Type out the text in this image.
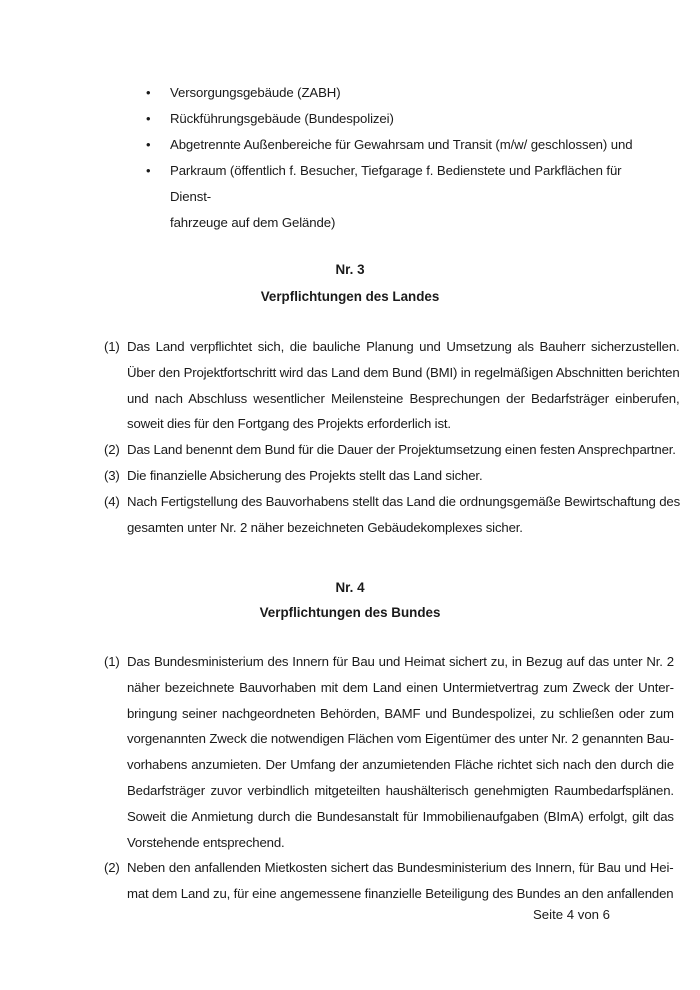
•	Versorgungsgebäude (ZABH)
•	Rückführungsgebäude (Bundespolizei)
•	Abgetrennte Außenbereiche für Gewahrsam und Transit (m/w/ geschlossen) und
•	Parkraum (öffentlich f. Besucher, Tiefgarage f. Bedienstete und Parkflächen für Dienst-
fahrzeuge auf dem Gelände)
Nr. 3
Verpflichtungen des Landes
(1) Das Land verpflichtet sich, die bauliche Planung und Umsetzung als Bauherr sicherzustellen.
Über den Projektfortschritt wird das Land dem Bund (BMI) in regelmäßigen Abschnitten berichten
und nach Abschluss wesentlicher Meilensteine Besprechungen der Bedarfsträger einberufen,
soweit dies für den Fortgang des Projekts erforderlich ist.
(2) Das Land benennt dem Bund für die Dauer der Projektumsetzung einen festen Ansprechpartner.
(3) Die finanzielle Absicherung des Projekts stellt das Land sicher.
(4) Nach Fertigstellung des Bauvorhabens stellt das Land die ordnungsgemäße Bewirtschaftung des
gesamten unter Nr. 2 näher bezeichneten Gebäudekomplexes sicher.
Nr. 4
Verpflichtungen des Bundes
(1) Das Bundesministerium des Innern für Bau und Heimat sichert zu, in Bezug auf das unter Nr. 2
näher bezeichnete Bauvorhaben mit dem Land einen Untermietvertrag zum Zweck der Unter-
bringung seiner nachgeordneten Behörden, BAMF und Bundespolizei, zu schließen oder zum
vorgenannten Zweck die notwendigen Flächen vom Eigentümer des unter Nr. 2 genannten Bau-
vorhabens anzumieten. Der Umfang der anzumietenden Fläche richtet sich nach den durch die
Bedarfsträger zuvor verbindlich mitgeteilten haushälterisch genehmigten Raumbedarfsplänen.
Soweit die Anmietung durch die Bundesanstalt für Immobilienaufgaben (BImA) erfolgt, gilt das
Vorstehende entsprechend.
(2) Neben den anfallenden Mietkosten sichert das Bundesministerium des Innern, für Bau und Hei-
mat dem Land zu, für eine angemessene finanzielle Beteiligung des Bundes an den anfallenden
Seite 4 von 6
